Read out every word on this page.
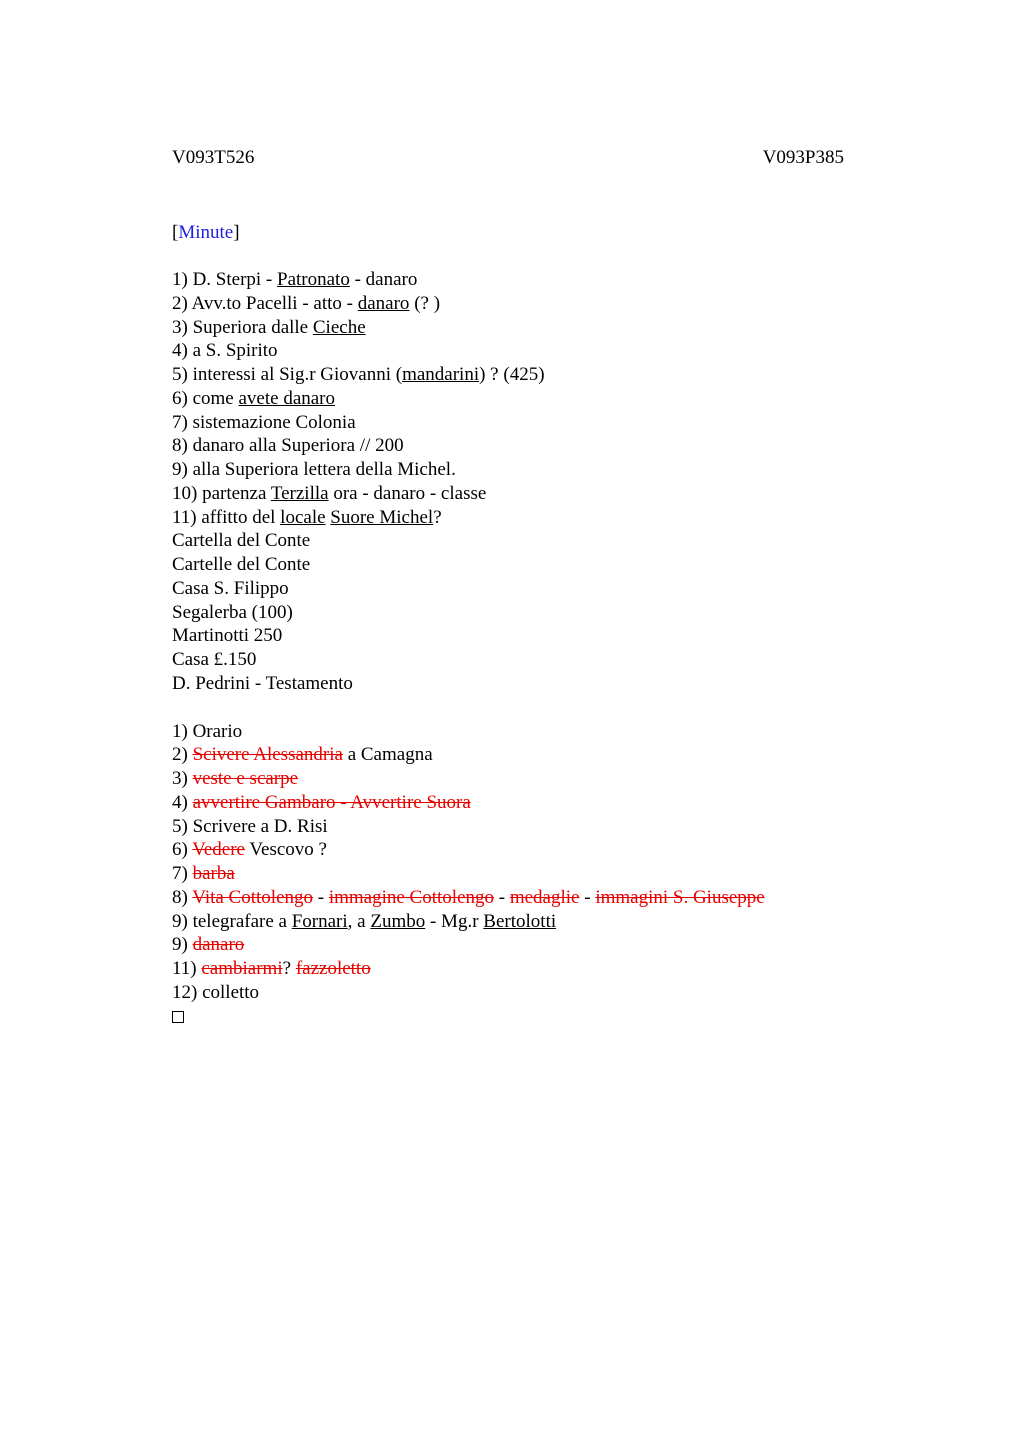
V093T526	V093P385
[Minute]
1) D. Sterpi - Patronato - danaro
2) Avv.to Pacelli - atto - danaro (? )
3) Superiora dalle Cieche
4) a S. Spirito
5) interessi al Sig.r Giovanni (mandarini) ? (425)
6) come avete danaro
7) sistemazione Colonia
8) danaro alla Superiora // 200
9) alla Superiora lettera della Michel.
10) partenza Terzilla ora - danaro - classe
11) affitto del locale Suore Michel?
Cartella del Conte
Cartelle del Conte
Casa S. Filippo
Segalerba (100)
Martinotti 250
Casa £.150
D. Pedrini - Testamento
1) Orario
2) Scivere Alessandria a Camagna
3) veste e scarpe
4) avvertire Gambaro - Avvertire Suora
5) Scrivere a D. Risi
6) Vedere Vescovo ?
7) barba
8) Vita Cottolengo - immagine Cottolengo - medaglie - immagini S. Giuseppe
9) telegrafare a Fornari, a Zumbo - Mg.r Bertolotti
9) danaro
11) cambiarmi? fazzoletto
12) colletto
